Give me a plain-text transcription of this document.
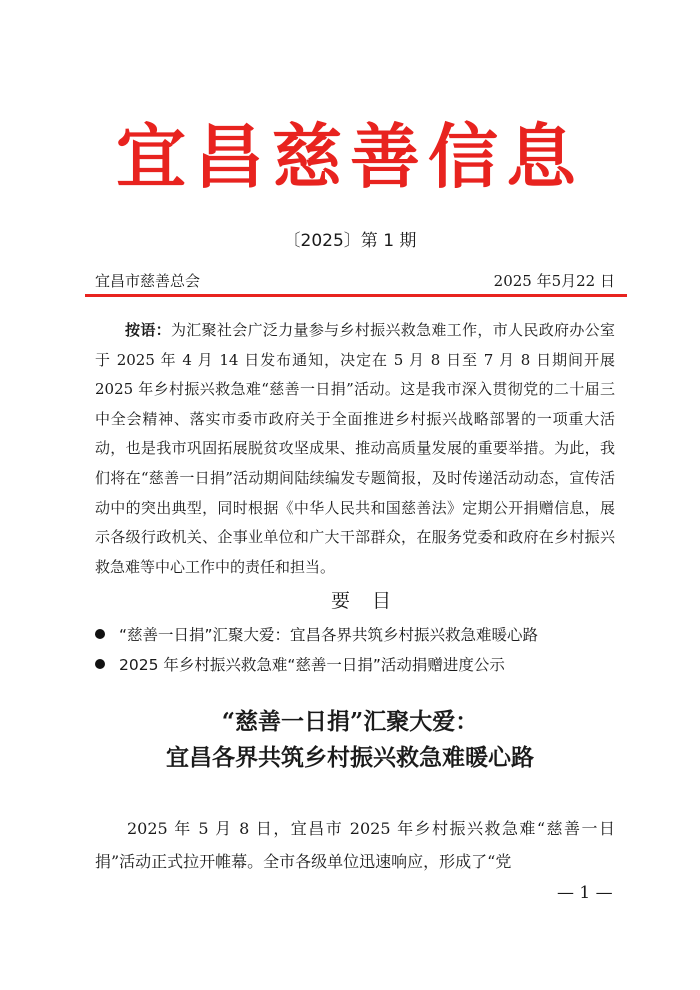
宜昌慈善信息
〔2025〕第 1 期
宜昌市慈善总会	2025 年5月22 日
按语：为汇聚社会广泛力量参与乡村振兴救急难工作，市人民政府办公室于 2025 年 4 月 14 日发布通知，决定在 5 月 8 日至 7 月 8 日期间开展 2025 年乡村振兴救急难“慈善一日捐”活动。这是我市深入贯彻党的二十届三中全会精神、落实市委市政府关于全面推进乡村振兴战略部署的一项重大活动，也是我市巩固拓展脱贫攻坚成果、推动高质量发展的重要举措。为此，我们将在“慈善一日捐”活动期间陆续编发专题简报，及时传递活动动态，宣传活动中的突出典型，同时根据《中华人民共和国慈善法》定期公开捐赠信息，展示各级行政机关、企事业单位和广大干部群众，在服务党委和政府在乡村振兴救急难等中心工作中的责任和担当。
要目
“慈善一日捐”汇聚大爱：宜昌各界共筑乡村振兴救急难暖心路
2025 年乡村振兴救急难“慈善一日捐”活动捐赠进度公示
“慈善一日捐”汇聚大爱：
宜昌各界共筑乡村振兴救急难暖心路
2025 年 5 月 8 日，宜昌市 2025 年乡村振兴救急难“慈善一日捐”活动正式拉开帷幕。全市各级单位迅速响应，形成了“党
— 1 —
